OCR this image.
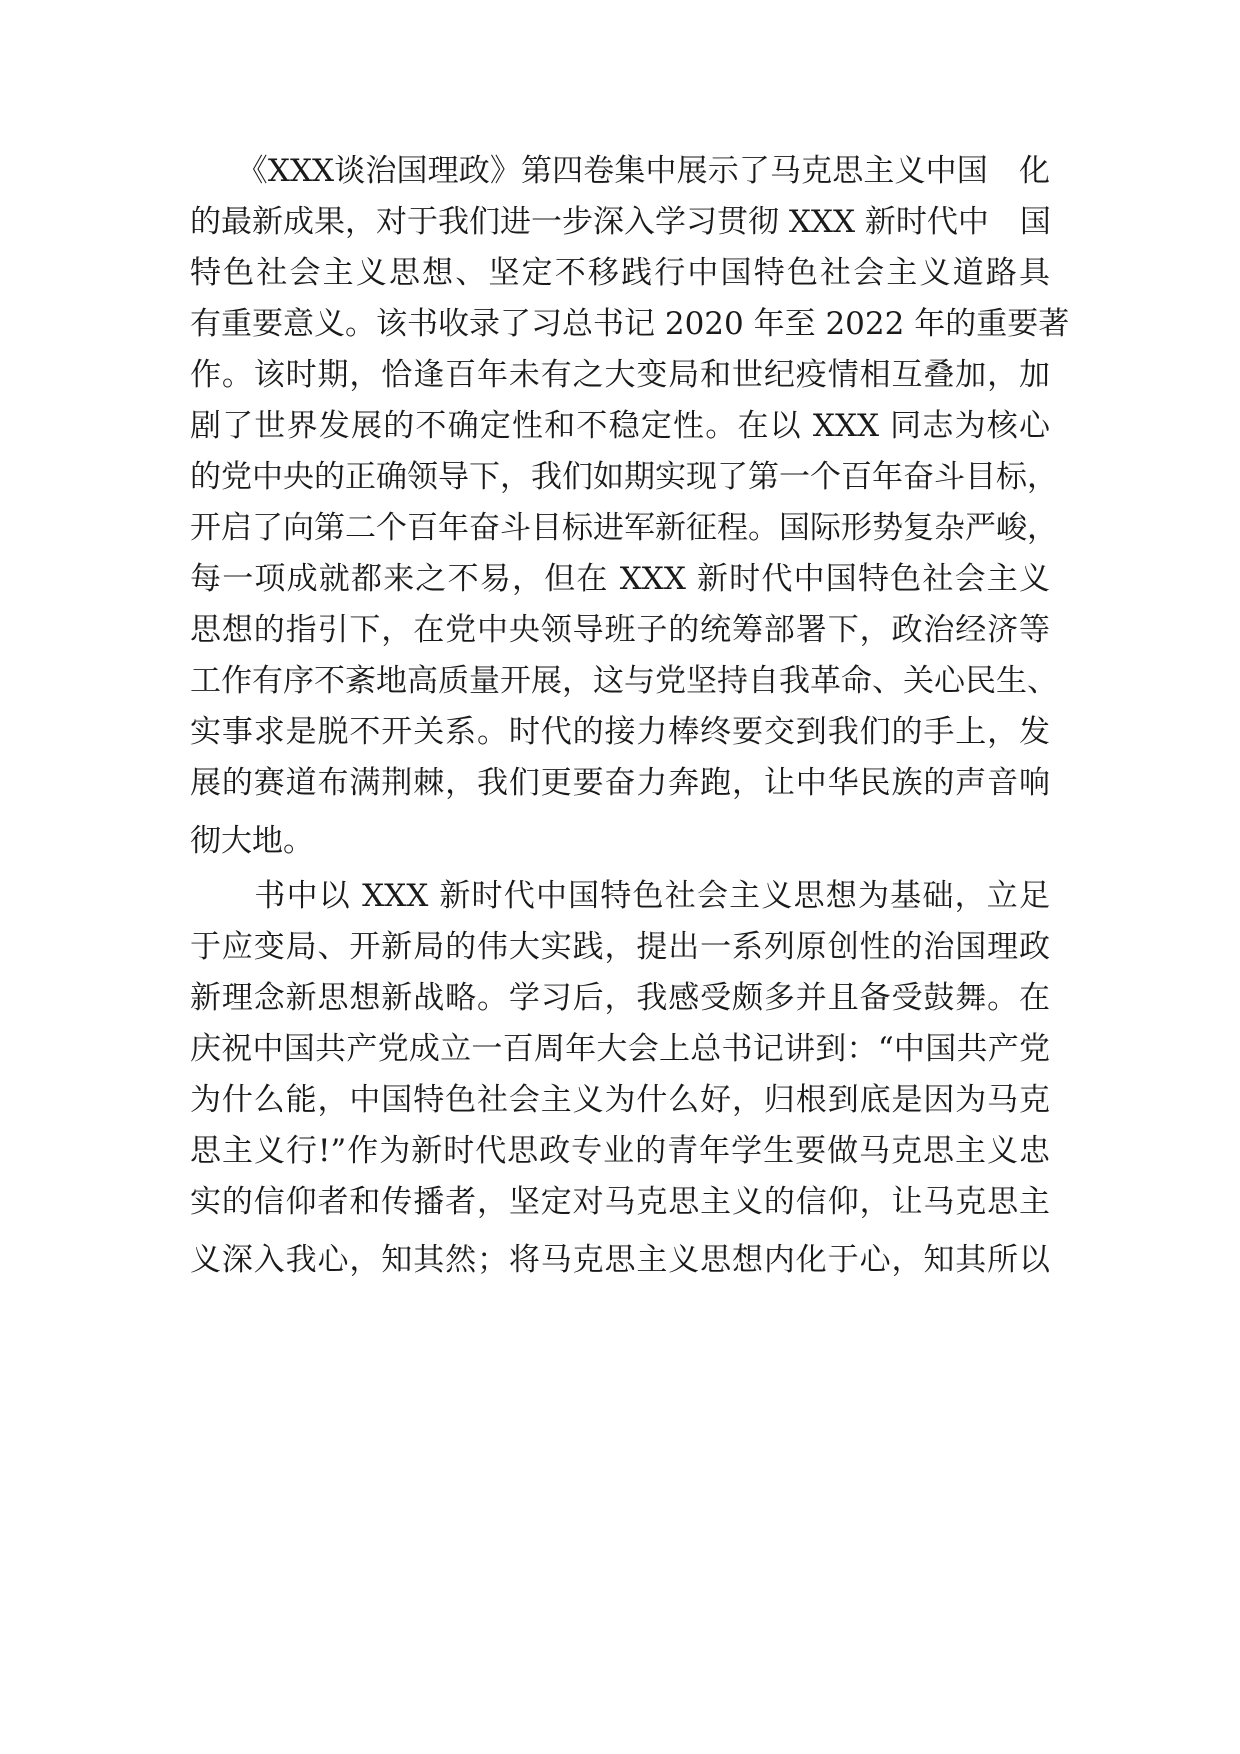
　　《XXX谈治国理政》第四卷集中展示了马克思主义中国　化
的最新成果，对于我们进一步深入学习贯彻 XXX 新时代中　国
特色社会主义思想、坚定不移践行中国特色社会主义道路具
有重要意义。该书收录了习总书记 2020 年至 2022 年的重要著
作。该时期，恰逢百年未有之大变局和世纪疫情相互叠加，加
剧了世界发展的不确定性和不稳定性。在以 XXX 同志为核心
的党中央的正确领导下，我们如期实现了第一个百年奋斗目标，
开启了向第二个百年奋斗目标进军新征程。国际形势复杂严峻，
每一项成就都来之不易，但在 XXX 新时代中国特色社会主义
思想的指引下，在党中央领导班子的统筹部署下，政治经济等
工作有序不紊地高质量开展，这与党坚持自我革命、关心民生、
实事求是脱不开关系。时代的接力棒终要交到我们的手上，发
展的赛道布满荆棘，我们更要奋力奔跑，让中华民族的声音响
彻大地。
　　书中以 XXX 新时代中国特色社会主义思想为基础，立足
于应变局、开新局的伟大实践，提出一系列原创性的治国理政
新理念新思想新战略。学习后，我感受颇多并且备受鼓舞。在
庆祝中国共产党成立一百周年大会上总书记讲到：“中国共产党
为什么能，中国特色社会主义为什么好，归根到底是因为马克
思主义行!”作为新时代思政专业的青年学生要做马克思主义忠
实的信仰者和传播者，坚定对马克思主义的信仰，让马克思主
义深入我心，知其然；将马克思主义思想内化于心，知其所以
